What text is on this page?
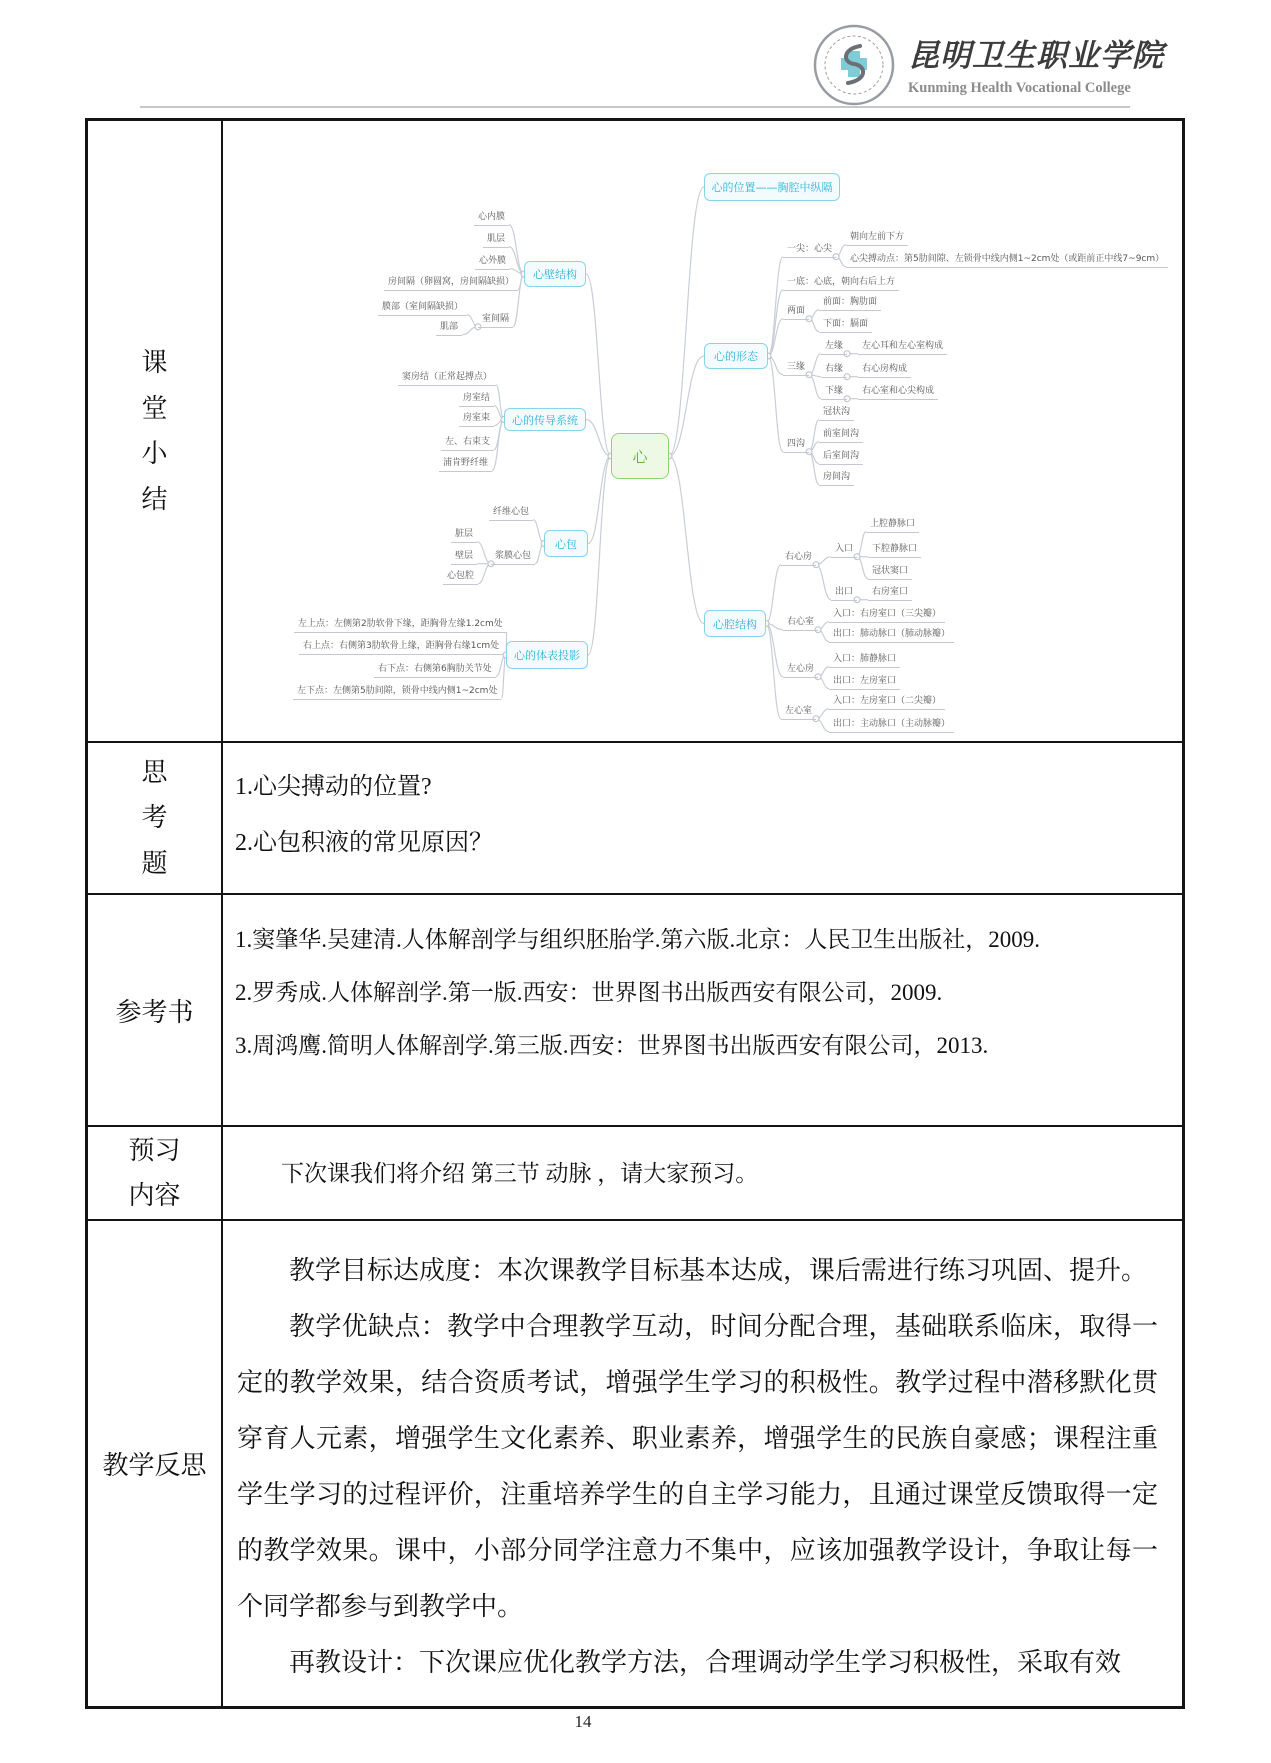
昆明卫生职业学院
Kunming Health Vocational College
课堂小结
心
心的位置——胸腔中纵隔
心壁结构
心的传导系统
心包
心的体表投影
心的形态
心腔结构
心内膜
肌层
心外膜
房间隔（卵圆窝，房间隔缺损）
室间隔
膜部（室间隔缺损）
肌部
窦房结（正常起搏点）
房室结
房室束
左、右束支
浦肯野纤维
纤维心包
浆膜心包
脏层
壁层
心包腔
左上点：左侧第2肋软骨下缘，距胸骨左缘1.2cm处
右上点：右侧第3肋软骨上缘，距胸骨右缘1cm处
右下点：右侧第6胸肋关节处
左下点：左侧第5肋间隙，锁骨中线内侧1~2cm处
一尖：心尖
朝向左前下方
心尖搏动点：第5肋间隙、左锁骨中线内侧1~2cm处（或距前正中线7~9cm）
一底：心底，朝向右后上方
两面
前面：胸肋面
下面：膈面
三缘
左缘	左心耳和左心室构成
右缘	右心房构成
下缘	右心室和心尖构成
四沟
冠状沟
前室间沟
后室间沟
房间沟
右心房
入口
上腔静脉口
下腔静脉口
冠状窦口
出口	右房室口
右心室
入口：右房室口（三尖瓣）
出口：肺动脉口（肺动脉瓣）
左心房
入口：肺静脉口
出口：左房室口
左心室
入口：左房室口（二尖瓣）
出口：主动脉口（主动脉瓣）
思考题
1.心尖搏动的位置?
2.心包积液的常见原因？
参考书
1.窦肇华.吴建清.人体解剖学与组织胚胎学.第六版.北京：人民卫生出版社，2009.
2.罗秀成.人体解剖学.第一版.西安：世界图书出版西安有限公司，2009.
3.周鸿鹰.简明人体解剖学.第三版.西安：世界图书出版西安有限公司，2013.
预习内容
下次课我们将介绍 第三节 动脉 ，请大家预习。
教学反思

教学目标达成度：本次课教学目标基本达成，课后需进行练习巩固、提升。

教学优缺点：教学中合理教学互动，时间分配合理，基础联系临床，取得一定的教学效果，结合资质考试，增强学生学习的积极性。教学过程中潜移默化贯穿育人元素，增强学生文化素养、职业素养，增强学生的民族自豪感；课程注重学生学习的过程评价，注重培养学生的自主学习能力，且通过课堂反馈取得一定的教学效果。课中，小部分同学注意力不集中，应该加强教学设计，争取让每一个同学都参与到教学中。

再教设计：下次课应优化教学方法，合理调动学生学习积极性，采取有效

14
